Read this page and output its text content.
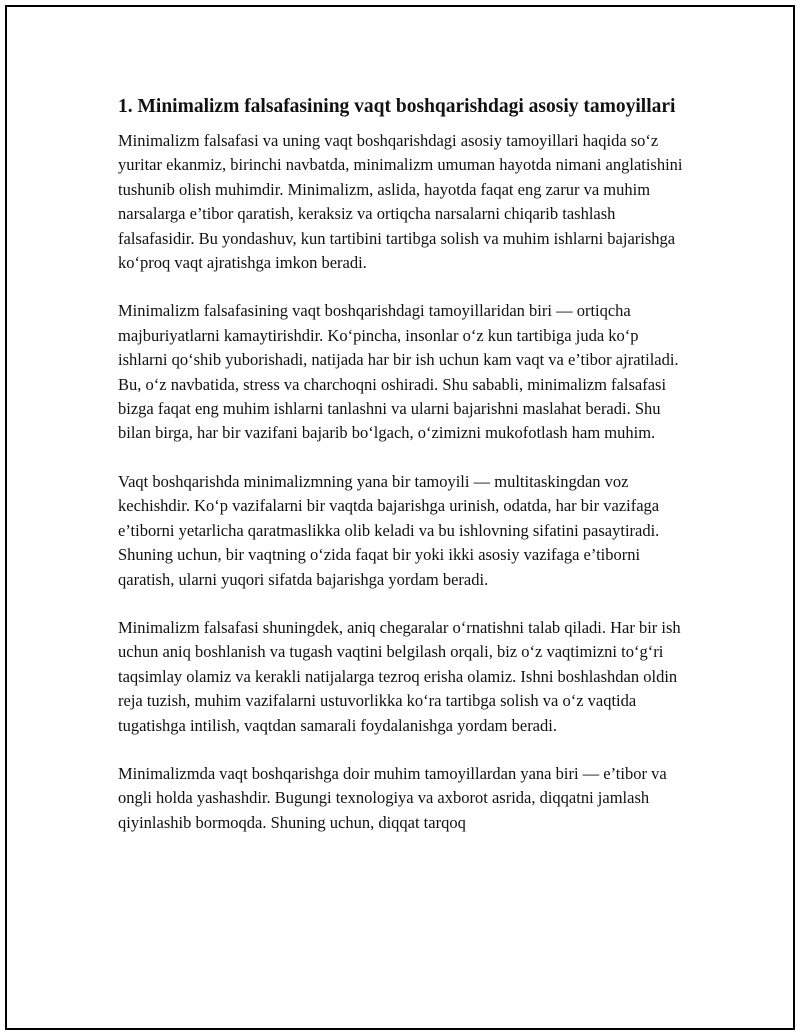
1. Minimalizm falsafasining vaqt boshqarishdagi asosiy tamoyillari

Minimalizm falsafasi va uning vaqt boshqarishdagi asosiy tamoyillari haqida so‘z yuritar ekanmiz, birinchi navbatda, minimalizm umuman hayotda nimani anglatishini tushunib olish muhimdir. Minimalizm, aslida, hayotda faqat eng zarur va muhim narsalarga e’tibor qaratish, keraksiz va ortiqcha narsalarni chiqarib tashlash falsafasidir. Bu yondashuv, kun tartibini tartibga solish va muhim ishlarni bajarishga ko‘proq vaqt ajratishga imkon beradi.

Minimalizm falsafasining vaqt boshqarishdagi tamoyillaridan biri — ortiqcha majburiyatlarni kamaytirishdir. Ko‘pincha, insonlar o‘z kun tartibiga juda ko‘p ishlarni qo‘shib yuborishadi, natijada har bir ish uchun kam vaqt va e’tibor ajratiladi. Bu, o‘z navbatida, stress va charchoqni oshiradi. Shu sababli, minimalizm falsafasi bizga faqat eng muhim ishlarni tanlashni va ularni bajarishni maslahat beradi. Shu bilan birga, har bir vazifani bajarib bo‘lgach, o‘zimizni mukofotlash ham muhim.

Vaqt boshqarishda minimalizmning yana bir tamoyili — multitaskingdan voz kechishdir. Ko‘p vazifalarni bir vaqtda bajarishga urinish, odatda, har bir vazifaga e’tiborni yetarlicha qaratmaslikka olib keladi va bu ishlovning sifatini pasaytiradi. Shuning uchun, bir vaqtning o‘zida faqat bir yoki ikki asosiy vazifaga e’tiborni qaratish, ularni yuqori sifatda bajarishga yordam beradi.

Minimalizm falsafasi shuningdek, aniq chegaralar o‘rnatishni talab qiladi. Har bir ish uchun aniq boshlanish va tugash vaqtini belgilash orqali, biz o‘z vaqtimizni to‘g‘ri taqsimlay olamiz va kerakli natijalarga tezroq erisha olamiz. Ishni boshlashdan oldin reja tuzish, muhim vazifalarni ustuvorlikka ko‘ra tartibga solish va o‘z vaqtida tugatishga intilish, vaqtdan samarali foydalanishga yordam beradi.

Minimalizmda vaqt boshqarishga doir muhim tamoyillardan yana biri — e’tibor va ongli holda yashashdir. Bugungi texnologiya va axborot asrida, diqqatni jamlash qiyinlashib bormoqda. Shuning uchun, diqqat tarqoq
